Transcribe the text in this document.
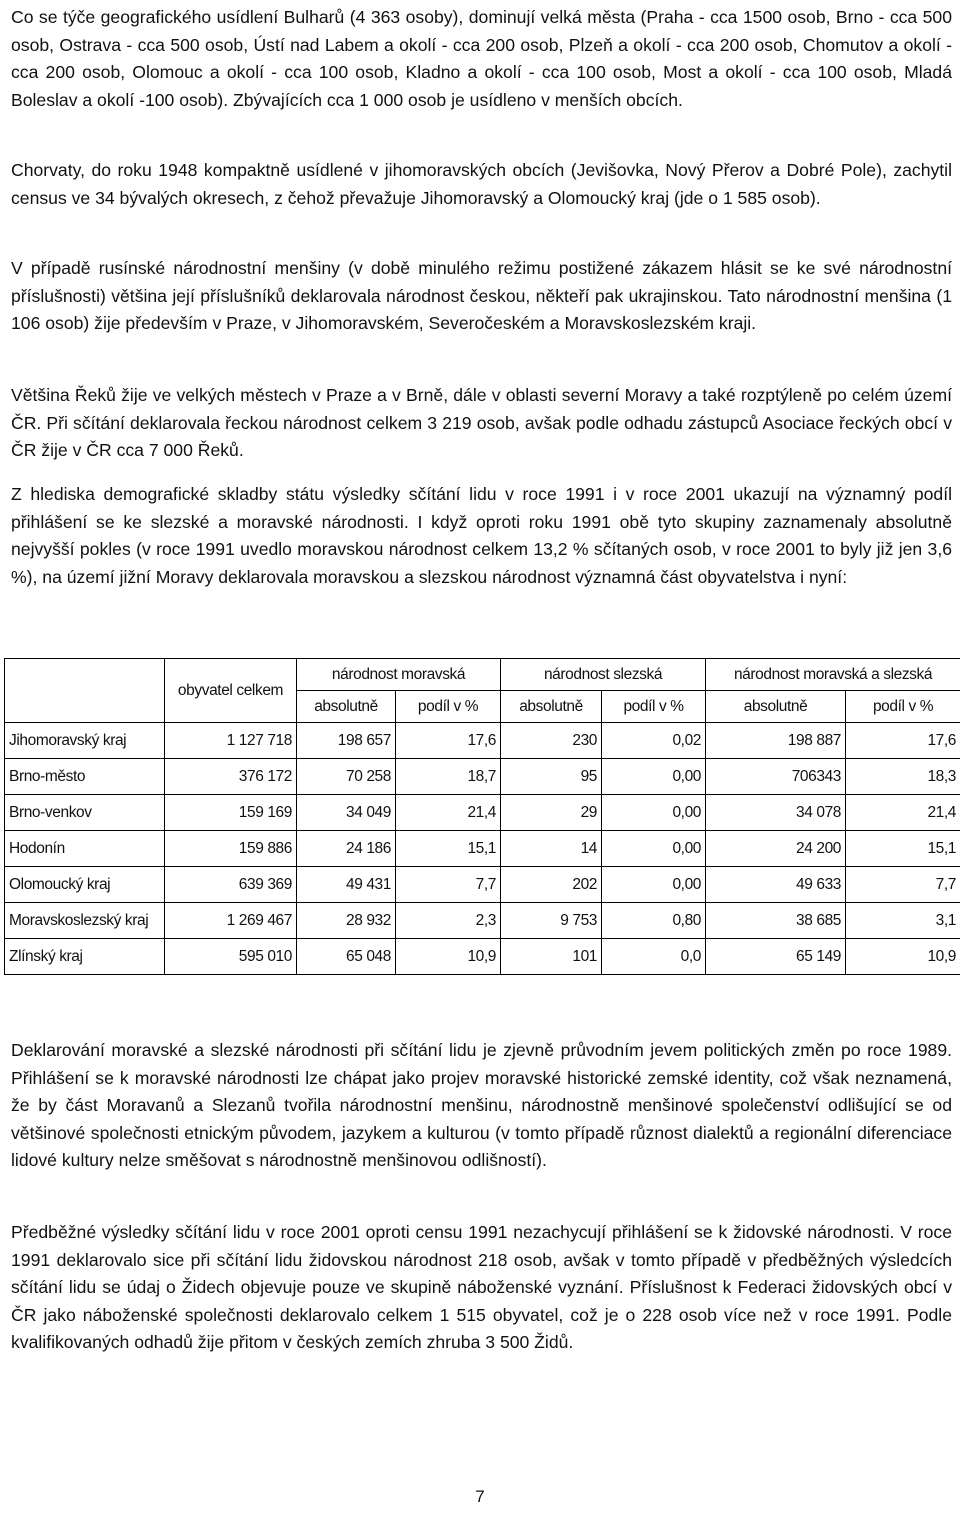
Co se týče geografického usídlení Bulharů (4 363 osoby), dominují velká města (Praha - cca 1500 osob, Brno - cca 500 osob, Ostrava - cca 500 osob, Ústí nad Labem a okolí - cca 200 osob, Plzeň a okolí - cca 200 osob, Chomutov a okolí - cca 200 osob, Olomouc a okolí - cca 100 osob, Kladno a okolí - cca 100 osob, Most a okolí - cca 100 osob, Mladá Boleslav a okolí -100 osob). Zbývajících cca 1 000 osob je usídleno v menších obcích.

Chorvaty, do roku 1948 kompaktně usídlené v jihomoravských obcích (Jevišovka, Nový Přerov a Dobré Pole), zachytil census ve 34 bývalých okresech, z čehož převažuje Jihomoravský a Olomoucký kraj (jde o 1 585 osob).

V případě rusínské národnostní menšiny (v době minulého režimu postižené zákazem hlásit se ke své národnostní příslušnosti) většina její příslušníků deklarovala národnost českou, někteří pak ukrajinskou. Tato národnostní menšina (1 106 osob) žije především v Praze, v Jihomoravském, Severočeském a Moravskoslezském kraji.

Většina Řeků žije ve velkých městech v Praze a v Brně, dále v oblasti severní Moravy a také rozptýleně po celém území ČR. Při sčítání deklarovala řeckou národnost celkem 3 219 osob, avšak podle odhadu zástupců Asociace řeckých obcí v ČR žije v ČR cca 7 000 Řeků.

Z hlediska demografické skladby státu výsledky sčítání lidu v roce 1991 i v roce 2001 ukazují na významný podíl přihlášení se ke slezské a moravské národnosti. I když oproti roku 1991 obě tyto skupiny zaznamenaly absolutně nejvyšší pokles (v roce 1991 uvedlo moravskou národnost celkem 13,2 % sčítaných osob, v roce 2001 to byly již jen 3,6 %), na území jižní Moravy deklarovala moravskou a slezskou národnost významná část obyvatelstva i nyní:

	obyvatel celkem	národnost moravská		národnost slezská		národnost moravská a slezská	
		absolutně	podíl v %	absolutně	podíl v %	absolutně	podíl v %
Jihomoravský kraj	1 127 718	198 657	17,6	230	0,02	198 887	17,6
Brno-město	376 172	70 258	18,7	95	0,00	706343	18,3
Brno-venkov	159 169	34 049	21,4	29	0,00	34 078	21,4
Hodonín	159 886	24 186	15,1	14	0,00	24 200	15,1
Olomoucký kraj	639 369	49 431	7,7	202	0,00	49 633	7,7
Moravskoslezský kraj	1 269 467	28 932	2,3	9 753	0,80	38 685	3,1
Zlínský kraj	595 010	65 048	10,9	101	0,0	65 149	10,9

Deklarování moravské a slezské národnosti při sčítání lidu je zjevně průvodním jevem politických změn po roce 1989. Přihlášení se k moravské národnosti lze chápat jako projev moravské historické zemské identity, což však neznamená, že by část Moravanů a Slezanů tvořila národnostní menšinu, národnostně menšinové společenství odlišující se od většinové společnosti etnickým původem, jazykem a kulturou (v tomto případě různost dialektů a regionální diferenciace lidové kultury nelze směšovat s národnostně menšinovou odlišností).

Předběžné výsledky sčítání lidu v roce 2001 oproti censu 1991 nezachycují přihlášení se k židovské národnosti. V roce 1991 deklarovalo sice při sčítání lidu židovskou národnost 218 osob, avšak v tomto případě v předběžných výsledcích sčítání lidu se údaj o Židech objevuje pouze ve skupině náboženské vyznání. Příslušnost k Federaci židovských obcí v ČR jako náboženské společnosti deklarovalo celkem 1 515 obyvatel, což je o 228 osob více než v roce 1991. Podle kvalifikovaných odhadů žije přitom v českých zemích zhruba 3 500 Židů.

7
